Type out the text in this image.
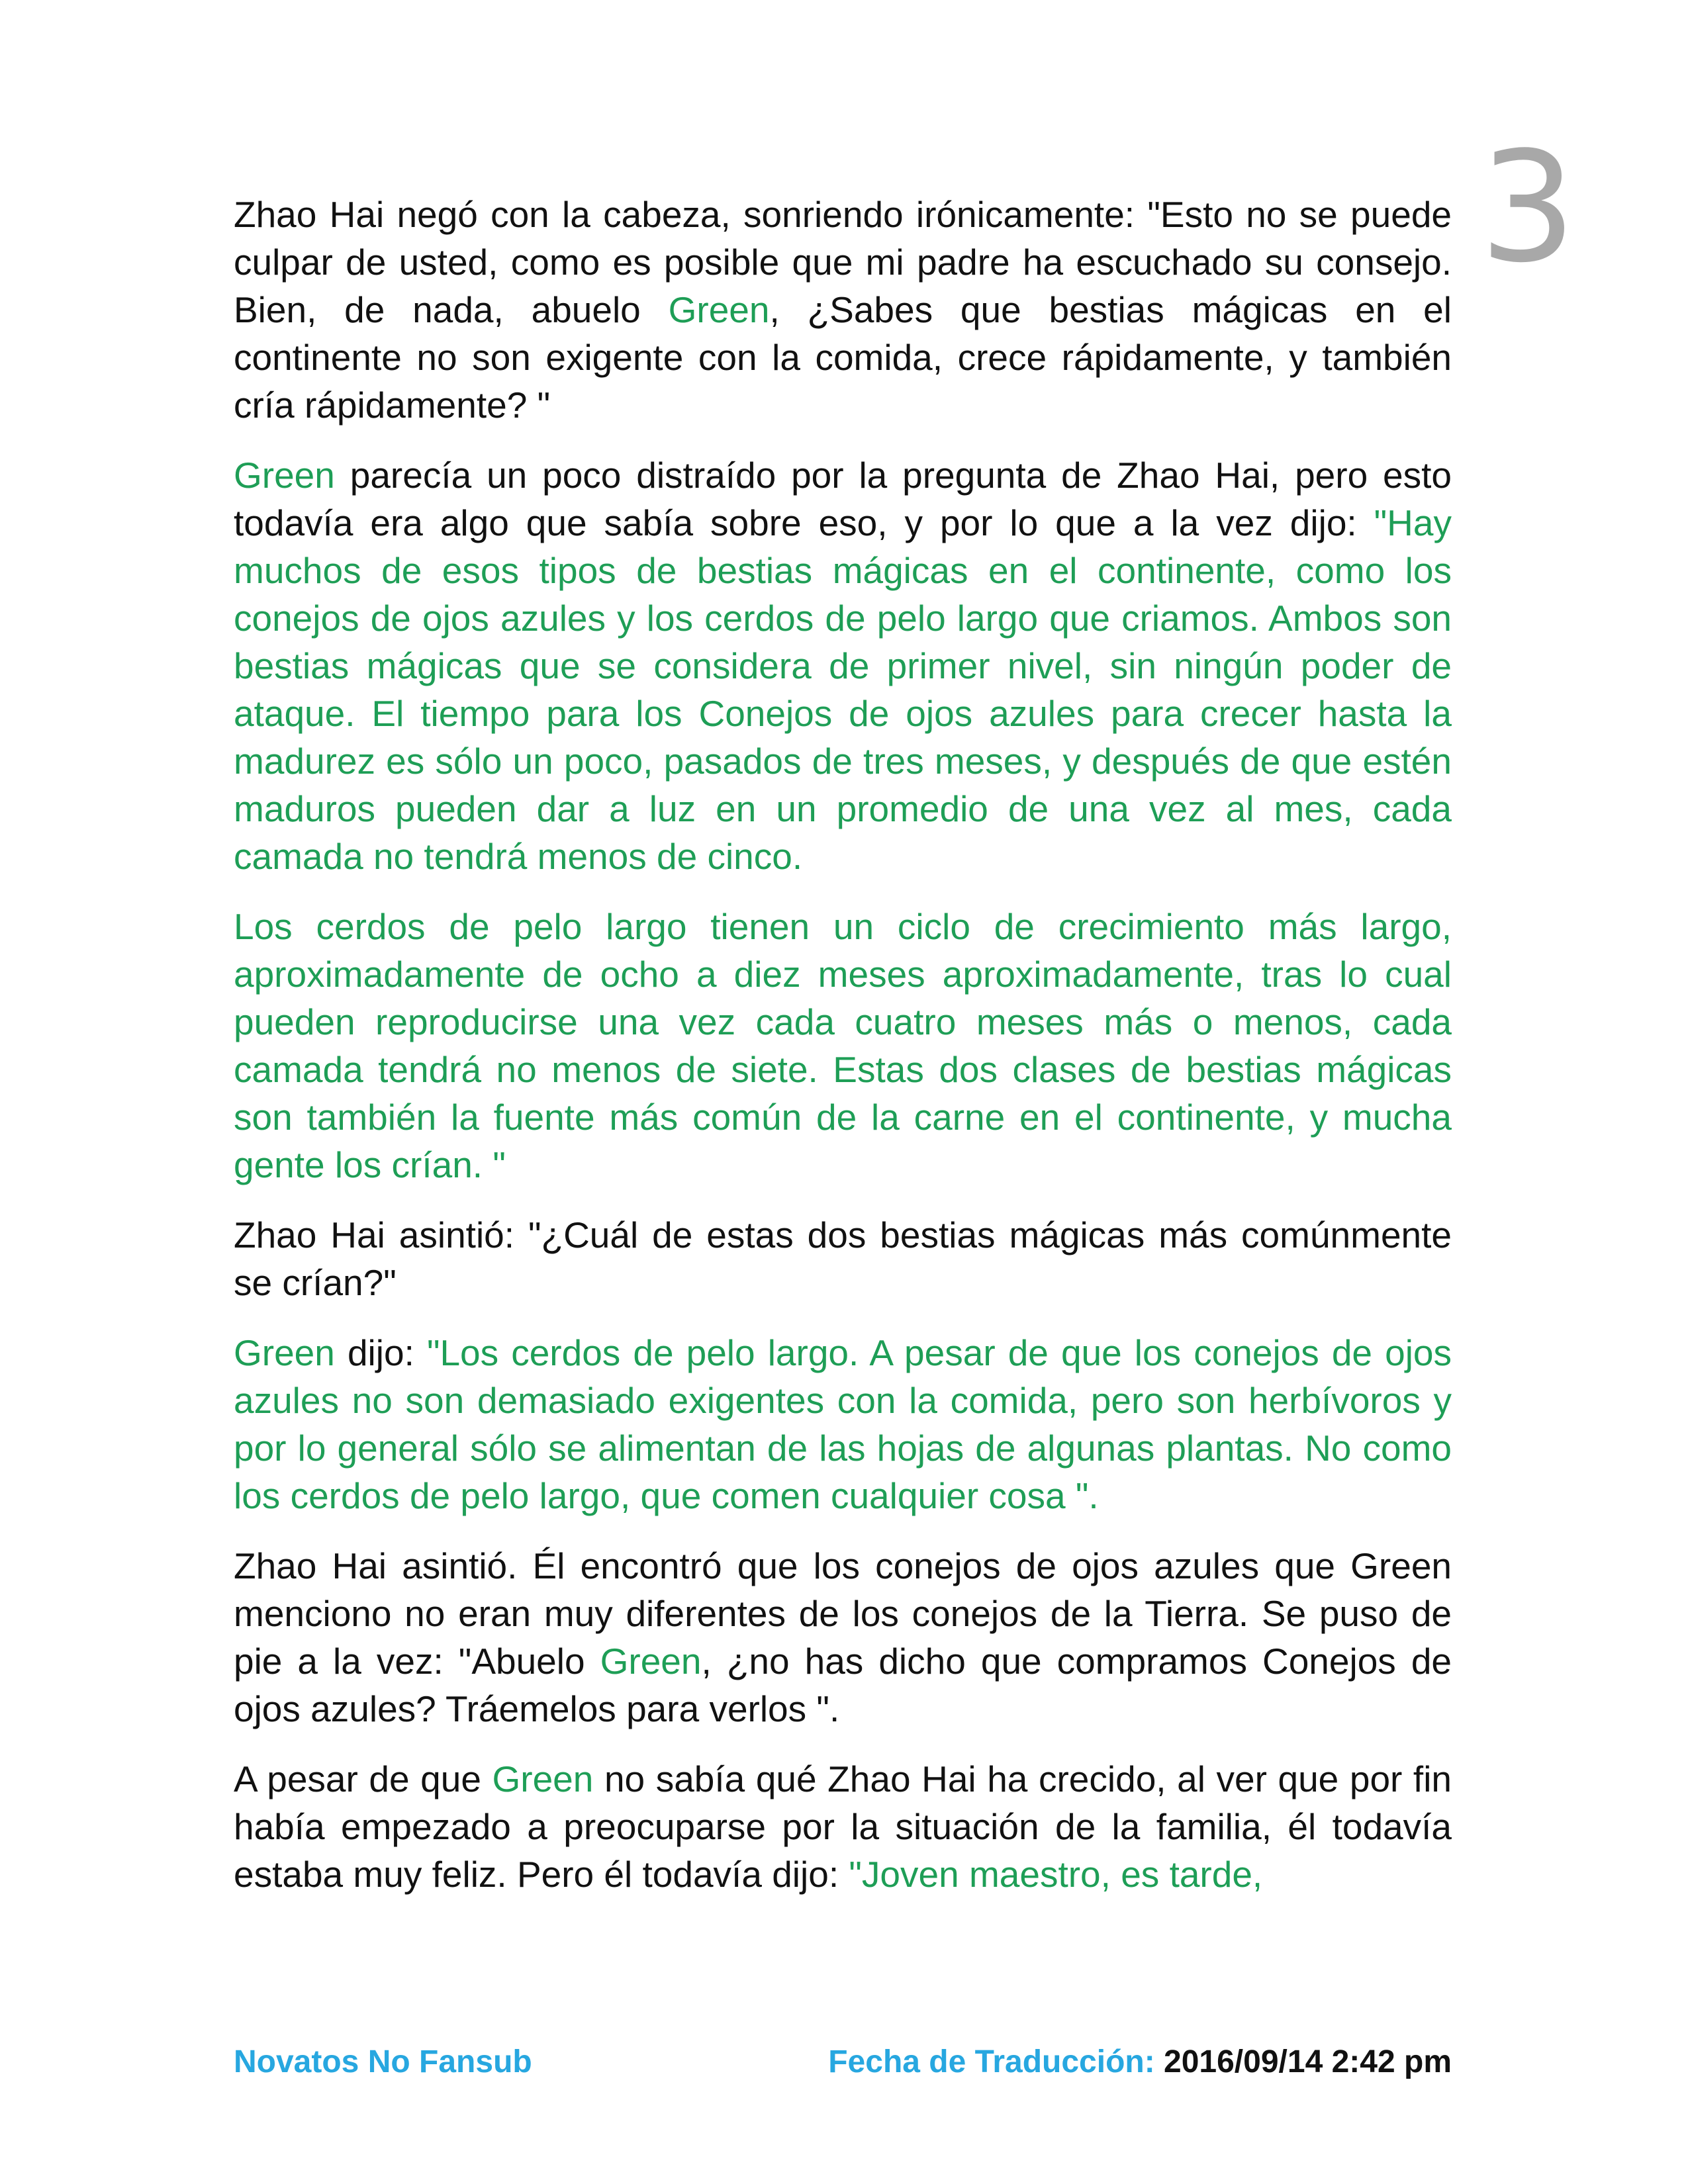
3

Zhao Hai negó con la cabeza, sonriendo irónicamente: "Esto no se puede culpar de usted, como es posible que mi padre ha escuchado su consejo. Bien, de nada, abuelo Green, ¿Sabes que bestias mágicas en el continente no son exigente con la comida, crece rápidamente, y también cría rápidamente? "

Green parecía un poco distraído por la pregunta de Zhao Hai, pero esto todavía era algo que sabía sobre eso, y por lo que a la vez dijo: "Hay muchos de esos tipos de bestias mágicas en el continente, como los conejos de ojos azules y los cerdos de pelo largo que criamos. Ambos son bestias mágicas que se considera de primer nivel, sin ningún poder de ataque. El tiempo para los Conejos de ojos azules para crecer hasta la madurez es sólo un poco, pasados de tres meses, y después de que estén maduros pueden dar a luz en un promedio de una vez al mes, cada camada no tendrá menos de cinco.

Los cerdos de pelo largo tienen un ciclo de crecimiento más largo, aproximadamente de ocho a diez meses aproximadamente, tras lo cual pueden reproducirse una vez cada cuatro meses más o menos, cada camada tendrá no menos de siete. Estas dos clases de bestias mágicas son también la fuente más común de la carne en el continente, y mucha gente los crían. "

Zhao Hai asintió: "¿Cuál de estas dos bestias mágicas más comúnmente se crían?"

Green dijo: "Los cerdos de pelo largo. A pesar de que los conejos de ojos azules no son demasiado exigentes con la comida, pero son herbívoros y por lo general sólo se alimentan de las hojas de algunas plantas. No como los cerdos de pelo largo, que comen cualquier cosa ".

Zhao Hai asintió. Él encontró que los conejos de ojos azules que Green menciono no eran muy diferentes de los conejos de la Tierra. Se puso de pie a la vez: "Abuelo Green, ¿no has dicho que compramos Conejos de ojos azules? Tráemelos para verlos ".

A pesar de que Green no sabía qué Zhao Hai ha crecido, al ver que por fin había empezado a preocuparse por la situación de la familia, él todavía estaba muy feliz. Pero él todavía dijo: "Joven maestro, es tarde,

Novatos No Fansub	Fecha de Traducción: 2016/09/14 2:42 pm
